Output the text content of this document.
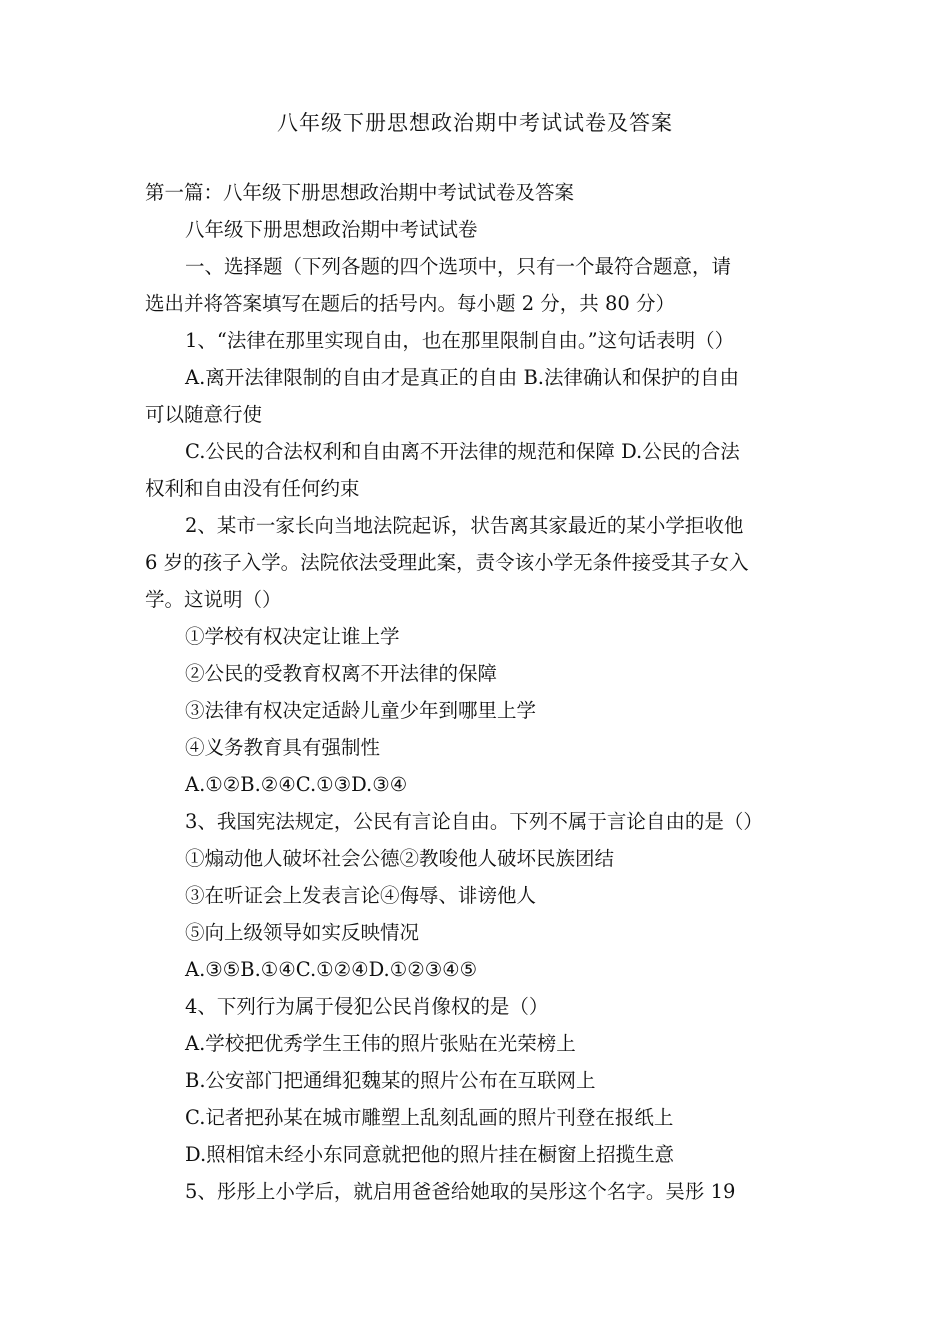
八年级下册思想政治期中考试试卷及答案
第一篇：八年级下册思想政治期中考试试卷及答案
八年级下册思想政治期中考试试卷
一、选择题（下列各题的四个选项中，只有一个最符合题意，请
选出并将答案填写在题后的括号内。每小题 2 分，共 80 分）
1、“法律在那里实现自由，也在那里限制自由。”这句话表明（）
A.离开法律限制的自由才是真正的自由 B.法律确认和保护的自由
可以随意行使
C.公民的合法权利和自由离不开法律的规范和保障 D.公民的合法
权利和自由没有任何约束
2、某市一家长向当地法院起诉，状告离其家最近的某小学拒收他
6 岁的孩子入学。法院依法受理此案，责令该小学无条件接受其子女入
学。这说明（）
①学校有权决定让谁上学
②公民的受教育权离不开法律的保障
③法律有权决定适龄儿童少年到哪里上学
④义务教育具有强制性
A.①②B.②④C.①③D.③④
3、我国宪法规定，公民有言论自由。下列不属于言论自由的是（）
①煽动他人破坏社会公德②教唆他人破坏民族团结
③在听证会上发表言论④侮辱、诽谤他人
⑤向上级领导如实反映情况
A.③⑤B.①④C.①②④D.①②③④⑤
4、下列行为属于侵犯公民肖像权的是（）
A.学校把优秀学生王伟的照片张贴在光荣榜上
B.公安部门把通缉犯魏某的照片公布在互联网上
C.记者把孙某在城市雕塑上乱刻乱画的照片刊登在报纸上
D.照相馆未经小东同意就把他的照片挂在橱窗上招揽生意
5、彤彤上小学后，就启用爸爸给她取的吴彤这个名字。吴彤 19
